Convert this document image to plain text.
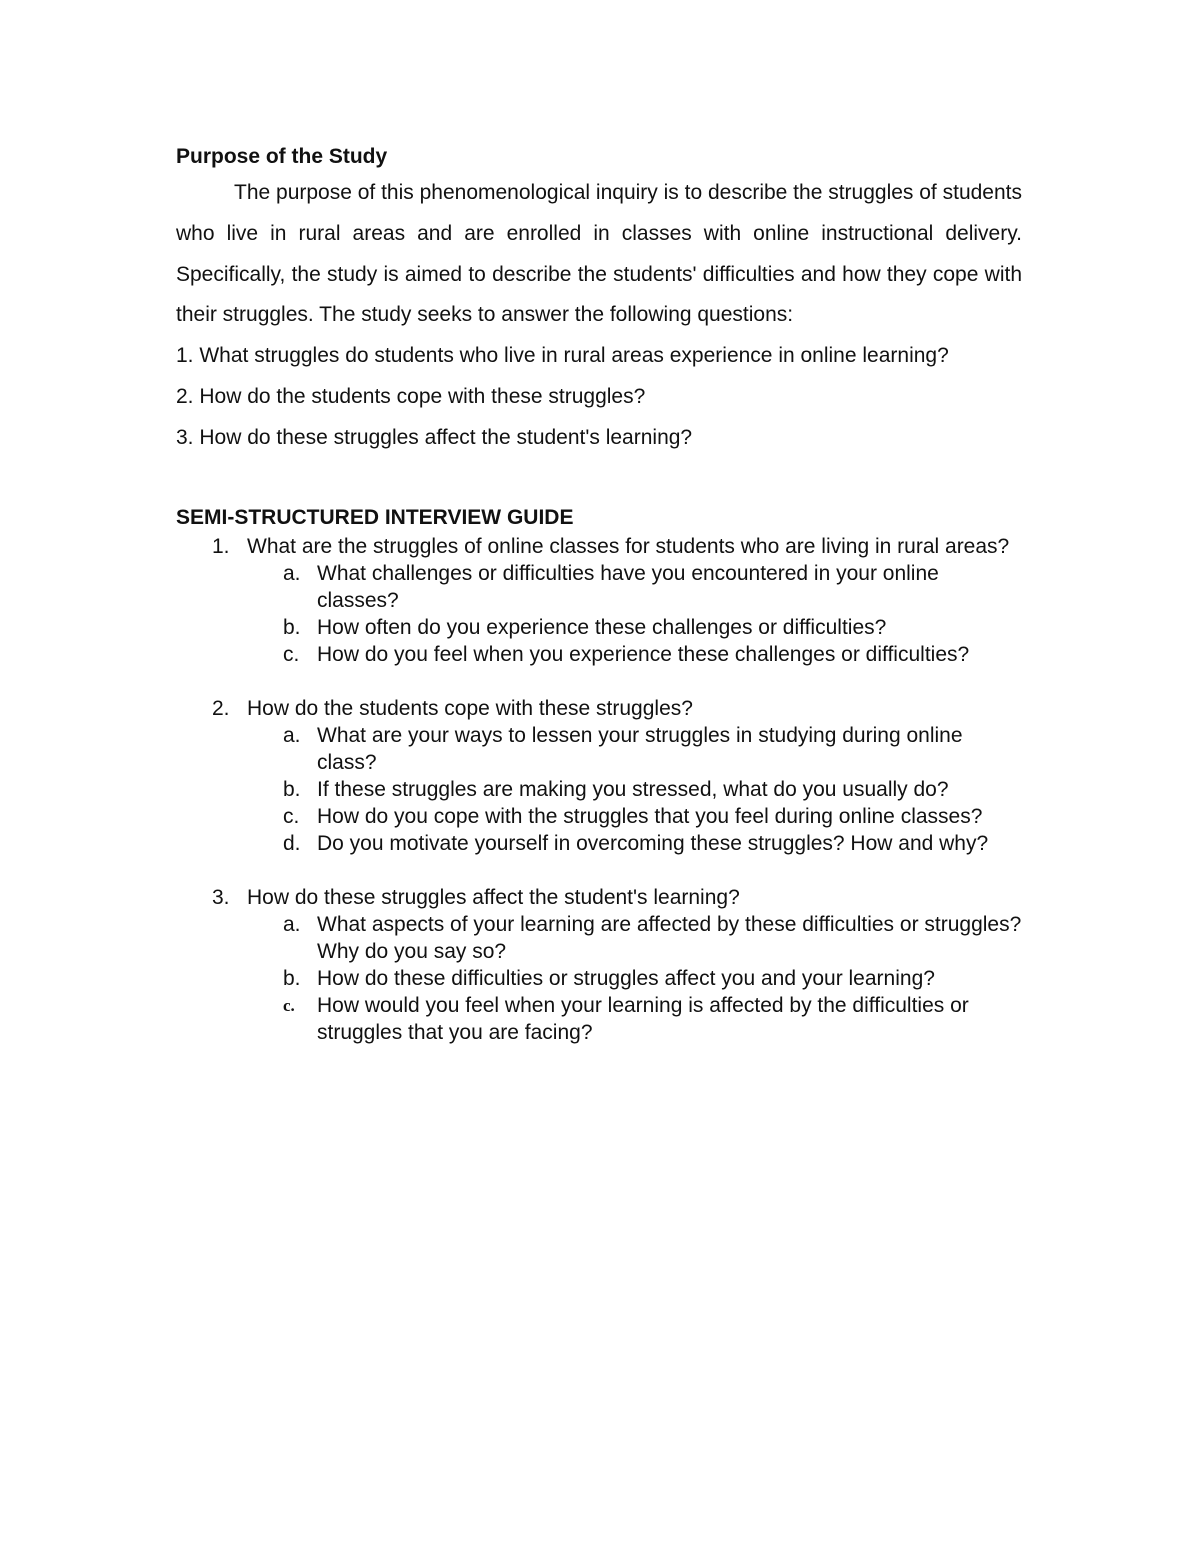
Purpose of the Study

The purpose of this phenomenological inquiry is to describe the struggles of students who live in rural areas and are enrolled in classes with online instructional delivery. Specifically, the study is aimed to describe the students' difficulties and how they cope with their struggles. The study seeks to answer the following questions:

1. What struggles do students who live in rural areas experience in online learning?
2. How do the students cope with these struggles?
3. How do these struggles affect the student's learning?

SEMI-STRUCTURED INTERVIEW GUIDE

1. What are the struggles of online classes for students who are living in rural areas?
a. What challenges or difficulties have you encountered in your online classes?
b. How often do you experience these challenges or difficulties?
c. How do you feel when you experience these challenges or difficulties?
2. How do the students cope with these struggles?
a. What are your ways to lessen your struggles in studying during online class?
b. If these struggles are making you stressed, what do you usually do?
c. How do you cope with the struggles that you feel during online classes?
d. Do you motivate yourself in overcoming these struggles? How and why?
3. How do these struggles affect the student's learning?
a. What aspects of your learning are affected by these difficulties or struggles? Why do you say so?
b. How do these difficulties or struggles affect you and your learning?
c.	How would you feel when your learning is affected by the difficulties or struggles that you are facing?
